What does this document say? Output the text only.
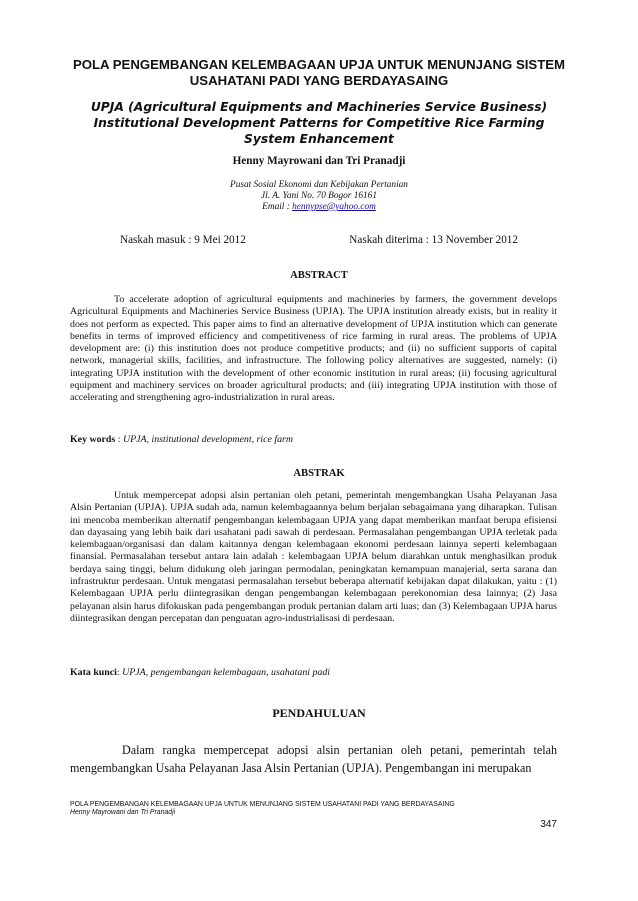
POLA PENGEMBANGAN KELEMBAGAAN UPJA UNTUK MENUNJANG SISTEM USAHATANI PADI YANG BERDAYASAING
UPJA (Agricultural Equipments and Machineries Service Business) Institutional Development Patterns for Competitive Rice Farming System Enhancement
Henny Mayrowani dan Tri Pranadji
Pusat Sosial Ekonomi dan Kebijakan Pertanian
Jl. A. Yani No. 70 Bogor 16161
Email : hennypse@yahoo.com
Naskah masuk : 9 Mei 2012	Naskah diterima : 13 November 2012
ABSTRACT

To accelerate adoption of agricultural equipments and machineries by farmers, the government develops Agricultural Equipments and Machineries Service Business (UPJA). The UPJA institution already exists, but in reality it does not perform as expected. This paper aims to find an alternative development of UPJA institution which can generate benefits in terms of improved efficiency and competitiveness of rice farming in rural areas. The problems of UPJA development are: (i) this institution does not produce competitive products; and (ii) no sufficient supports of capital network, managerial skills, facilities, and infrastructure. The following policy alternatives are suggested, namely: (i) integrating UPJA institution with the development of other economic institution in rural areas; (ii) focusing agricultural equipment and machinery services on broader agricultural products; and (iii) integrating UPJA institution with those of accelerating and strengthening agro-industrialization in rural areas.

Key words : UPJA, institutional development, rice farm
ABSTRAK

Untuk mempercepat adopsi alsin pertanian oleh petani, pemerintah mengembangkan Usaha Pelayanan Jasa Alsin Pertanian (UPJA). UPJA sudah ada, namun kelembagaannya belum berjalan sebagaimana yang diharapkan. Tulisan ini mencoba memberikan alternatif pengembangan kelembagaan UPJA yang dapat memberikan manfaat berupa efisiensi dan dayasaing yang lebih baik dari usahatani padi sawah di perdesaan. Permasalahan pengembangan UPJA terletak pada kelembagaan/organisasi dan dalam kaitannya dengan kelembagaan ekonomi perdesaan lainnya seperti kelembagaan finansial. Permasalahan tersebut antara lain adalah : kelembagaan UPJA belum diarahkan untuk menghasilkan produk berdaya saing tinggi, belum didukung oleh jaringan permodalan, peningkatan kemampuan manajerial, serta sarana dan infrastruktur perdesaan. Untuk mengatasi permasalahan tersebut beberapa alternatif kebijakan dapat dilakukan, yaitu : (1) Kelembagaan UPJA perlu diintegrasikan dengan pengembangan kelembagaan perekonomian desa lainnya; (2) Jasa pelayanan alsin harus difokuskan pada pengembangan produk pertanian dalam arti luas; dan (3) Kelembagaan UPJA harus diintegrasikan dengan percepatan dan penguatan agro-industrialisasi di perdesaan.

Kata kunci: UPJA, pengembangan kelembagaan, usahatani padi
PENDAHULUAN

Dalam rangka mempercepat adopsi alsin pertanian oleh petani, pemerintah telah mengembangkan Usaha Pelayanan Jasa Alsin Pertanian (UPJA). Pengembangan ini merupakan

POLA PENGEMBANGAN KELEMBAGAAN UPJA UNTUK MENUNJANG SISTEM USAHATANI PADI YANG BERDAYASAING
Henny Mayrowani dan Tri Pranadji
347
